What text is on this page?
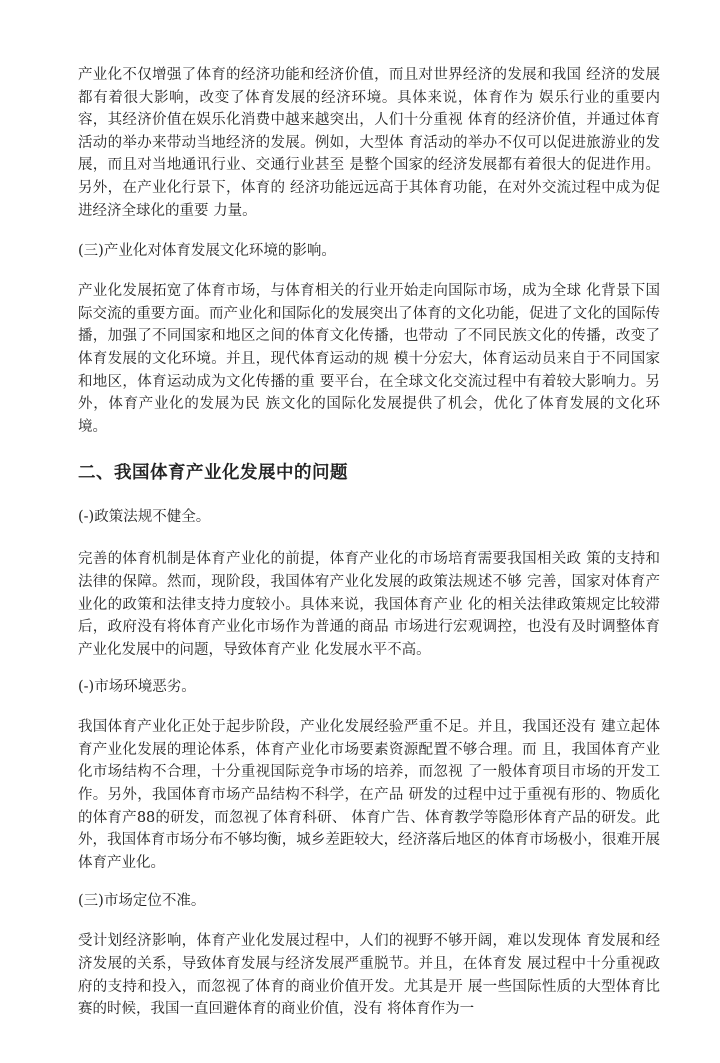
产业化不仅增强了体育的经济功能和经济价值，而且对世界经济的发展和我国 经济的发展都有着很大影响，改变了体育发展的经济环境。具体来说，体育作为 娱乐行业的重要内容，其经济价值在娱乐化消费中越来越突出，人们十分重视 体育的经济价值，并通过体育活动的举办来带动当地经济的发展。例如，大型体 育活动的举办不仅可以促进旅游业的发展，而且对当地通讯行业、交通行业甚至 是整个国家的经济发展都有着很大的促进作用。另外，在产业化行景下，体育的 经济功能远远高于其体育功能，在对外交流过程中成为促进经济全球化的重要 力量。

(三)产业化对体育发展文化环境的影响。

产业化发展拓宽了体育市场，与体育相关的行业开始走向国际市场，成为全球 化背景下国际交流的重要方面。而产业化和国际化的发展突出了体育的文化功能，促进了文化的国际传播，加强了不同国家和地区之间的体育文化传播，也带动 了不同民族文化的传播，改变了体育发展的文化环境。并且，现代体育运动的规 模十分宏大，体育运动员来自于不同国家和地区，体育运动成为文化传播的重 要平台，在全球文化交流过程中有着较大影响力。另外，体育产业化的发展为民 族文化的国际化发展提供了机会，优化了体育发展的文化环境。

二、我国体育产业化发展中的问题

(-)政策法规不健全。

完善的体育机制是体育产业化的前提，体育产业化的市场培育需要我国相关政 策的支持和法律的保障。然而，现阶段，我国体宥产业化发展的政策法规述不够 完善，国家对体育产业化的政策和法律支持力度较小。具体来说，我国体育产业 化的相关法律政策规定比较滞后，政府没有将体育产业化市场作为普通的商品 市场进行宏观调控，也没有及时调整体育产业化发展中的问题，导致体育产业 化发展水平不高。

(-)市场环境恶劣。

我国体育产业化正处于起步阶段，产业化发展经验严重不足。并且，我国还没有 建立起体育产业化发展的理论体系，体育产业化市场要素资源配置不够合理。而 且，我国体育产业化市场结构不合理，十分重视国际竞争市场的培养，而忽视 了一般体育项目市场的开发工作。另外，我国体育市场产品结构不科学，在产品 研发的过程中过于重视有形的、物质化的体育产88的研发，而忽视了体育科研、 体育广告、体育教学等隐形体育产品的研发。此外，我国体育市场分布不够均衡，城乡差距较大，经济落后地区的体育市场极小，很难开展体育产业化。

(三)市场定位不准。

受计划经济影响，体育产业化发展过程中，人们的视野不够开阔，难以发现体 育发展和经济发展的关系，导致体育发展与经济发展严重脱节。并且，在体育发 展过程中十分重视政府的支持和投入，而忽视了体育的商业价值开发。尤其是开 展一些国际性质的大型体育比赛的时候，我国一直回避体育的商业价值，没有 将体育作为一
